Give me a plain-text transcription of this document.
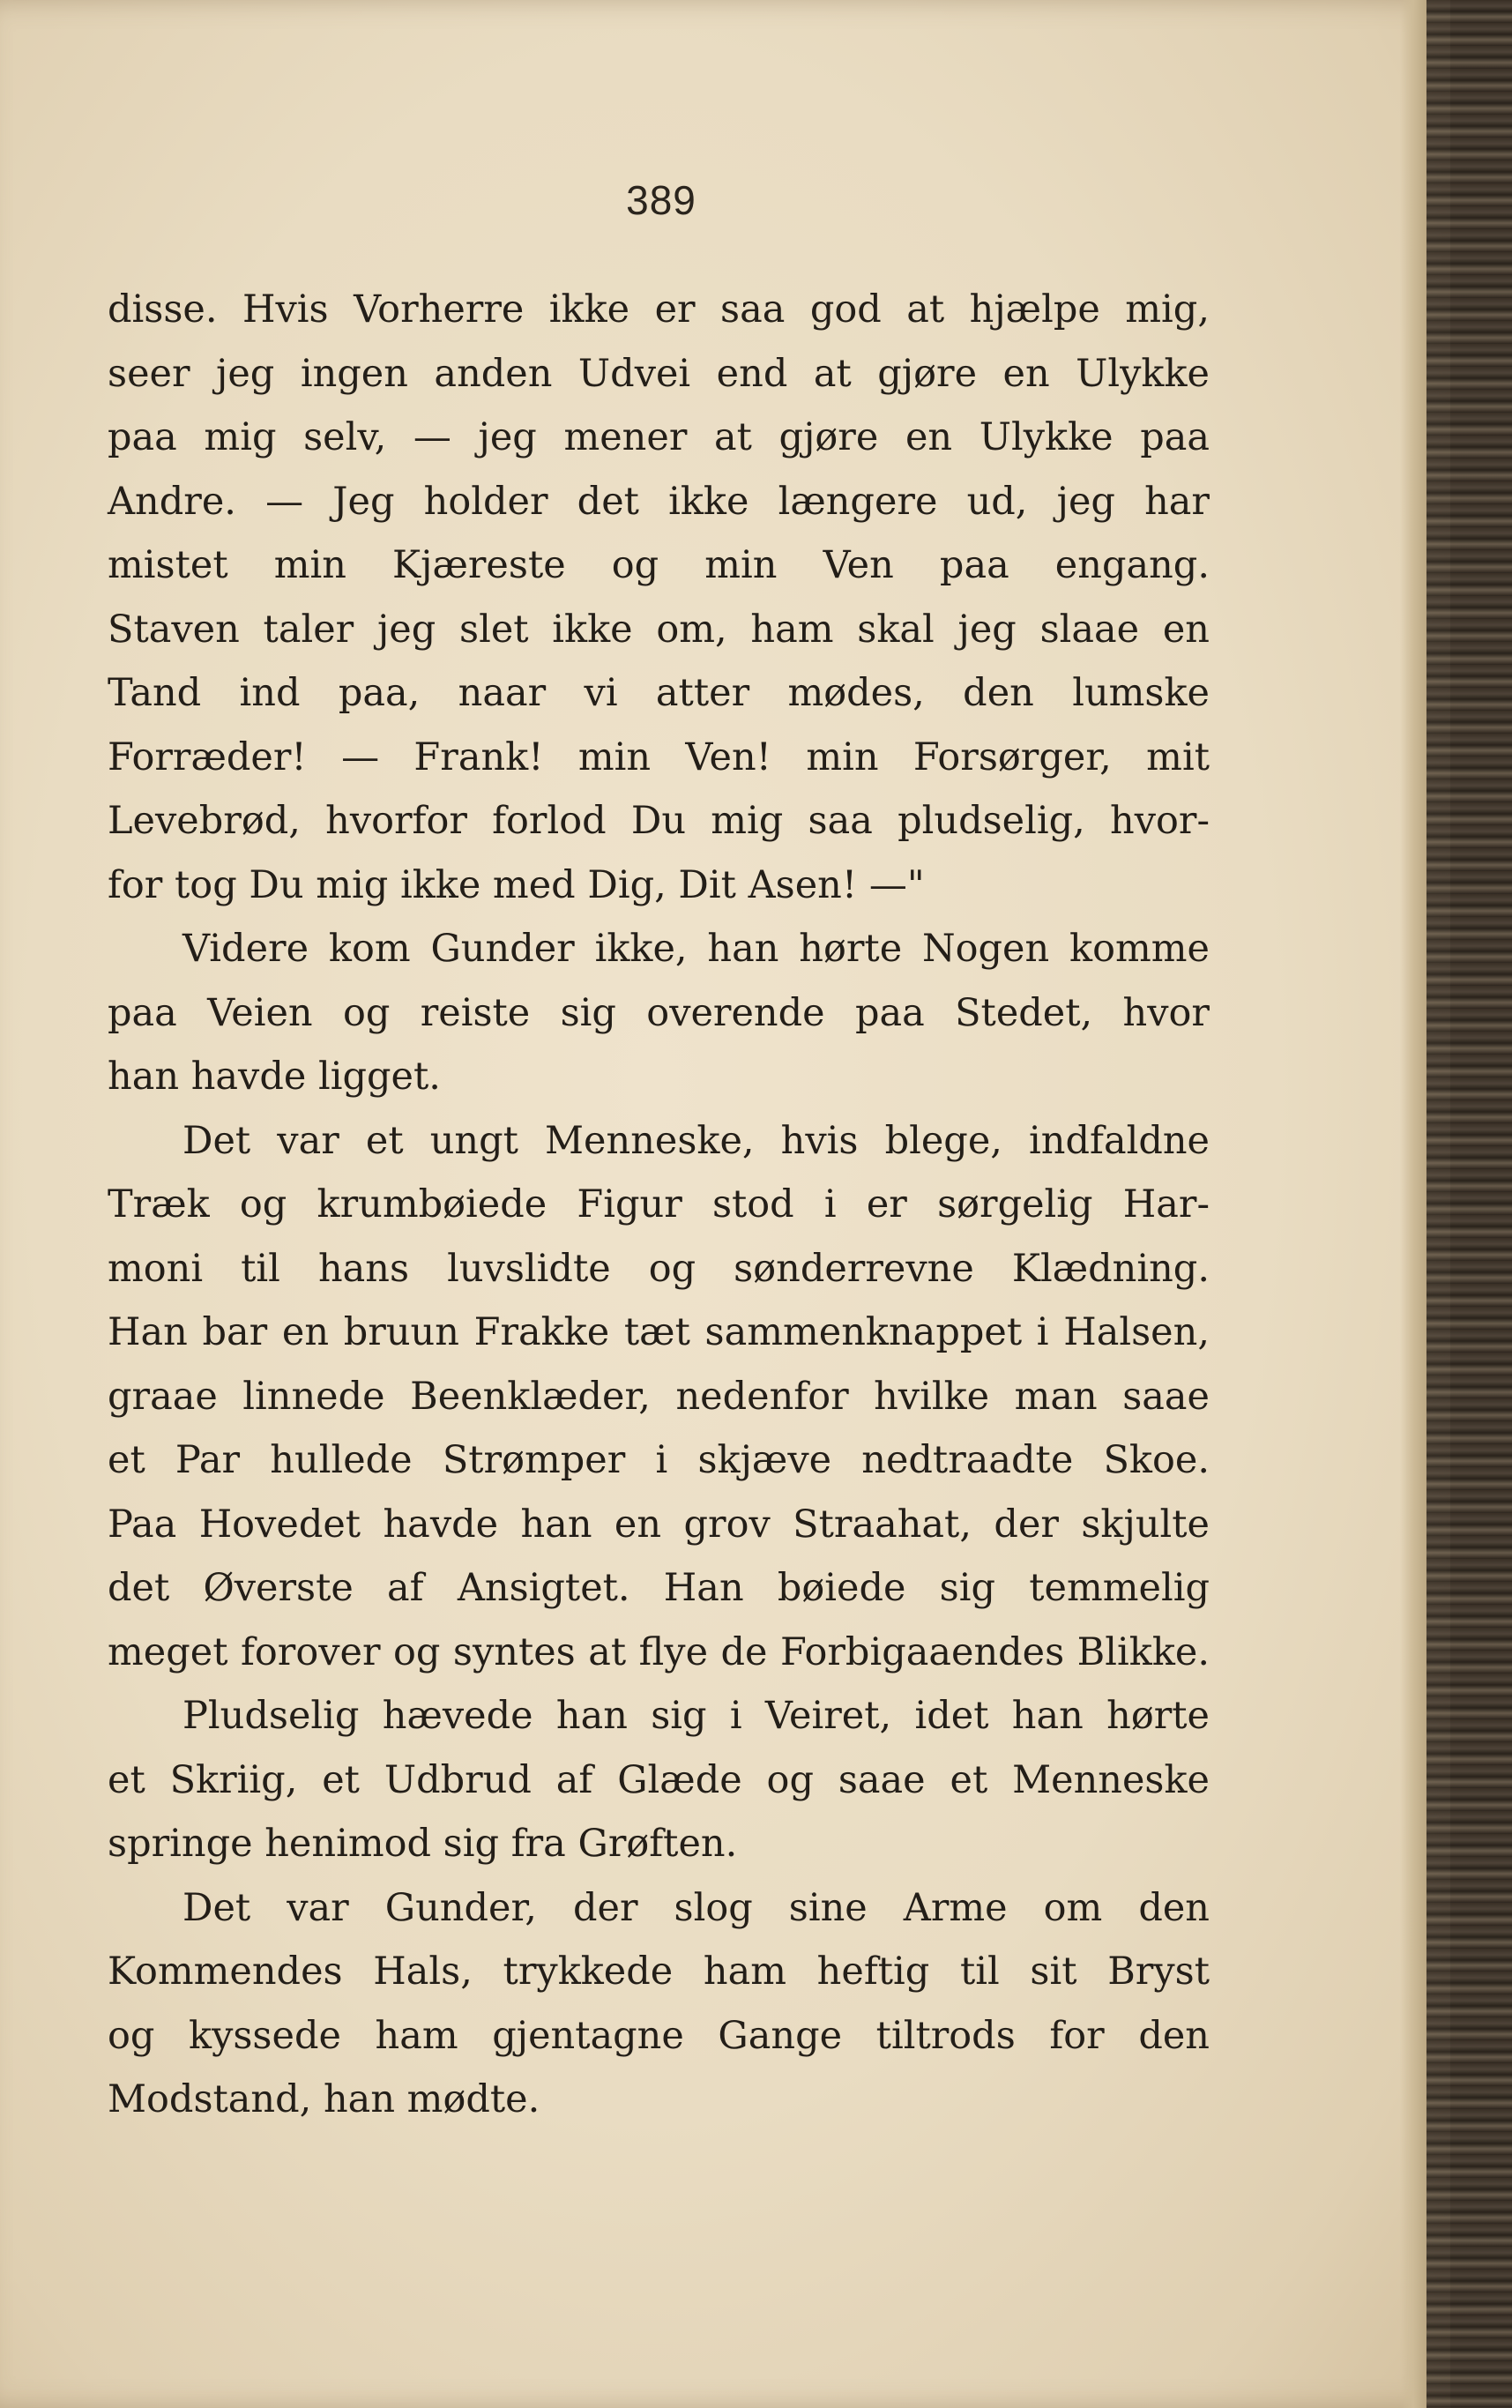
389
disse. Hvis Vorherre ikke er saa god at hjælpe mig,
seer jeg ingen anden Udvei end at gjøre en Ulykke
paa mig selv, — jeg mener at gjøre en Ulykke paa
Andre. — Jeg holder det ikke længere ud, jeg har
mistet min Kjæreste og min Ven paa engang.
Staven taler jeg slet ikke om, ham skal jeg slaae en
Tand ind paa, naar vi atter mødes, den lumske
Forræder! — Frank! min Ven! min Forsørger, mit
Levebrød, hvorfor forlod Du mig saa pludselig, hvor-
for tog Du mig ikke med Dig, Dit Asen! —"
Videre kom Gunder ikke, han hørte Nogen komme
paa Veien og reiste sig overende paa Stedet, hvor
han havde ligget.
Det var et ungt Menneske, hvis blege, indfaldne
Træk og krumbøiede Figur stod i er sørgelig Har-
moni til hans luvslidte og sønderrevne Klædning.
Han bar en bruun Frakke tæt sammenknappet i Halsen,
graae linnede Beenklæder, nedenfor hvilke man saae
et Par hullede Strømper i skjæve nedtraadte Skoe.
Paa Hovedet havde han en grov Straahat, der skjulte
det Øverste af Ansigtet. Han bøiede sig temmelig
meget forover og syntes at flye de Forbigaaendes Blikke.
Pludselig hævede han sig i Veiret, idet han hørte
et Skriig, et Udbrud af Glæde og saae et Menneske
springe henimod sig fra Grøften.
Det var Gunder, der slog sine Arme om den
Kommendes Hals, trykkede ham heftig til sit Bryst
og kyssede ham gjentagne Gange tiltrods for den
Modstand, han mødte.
